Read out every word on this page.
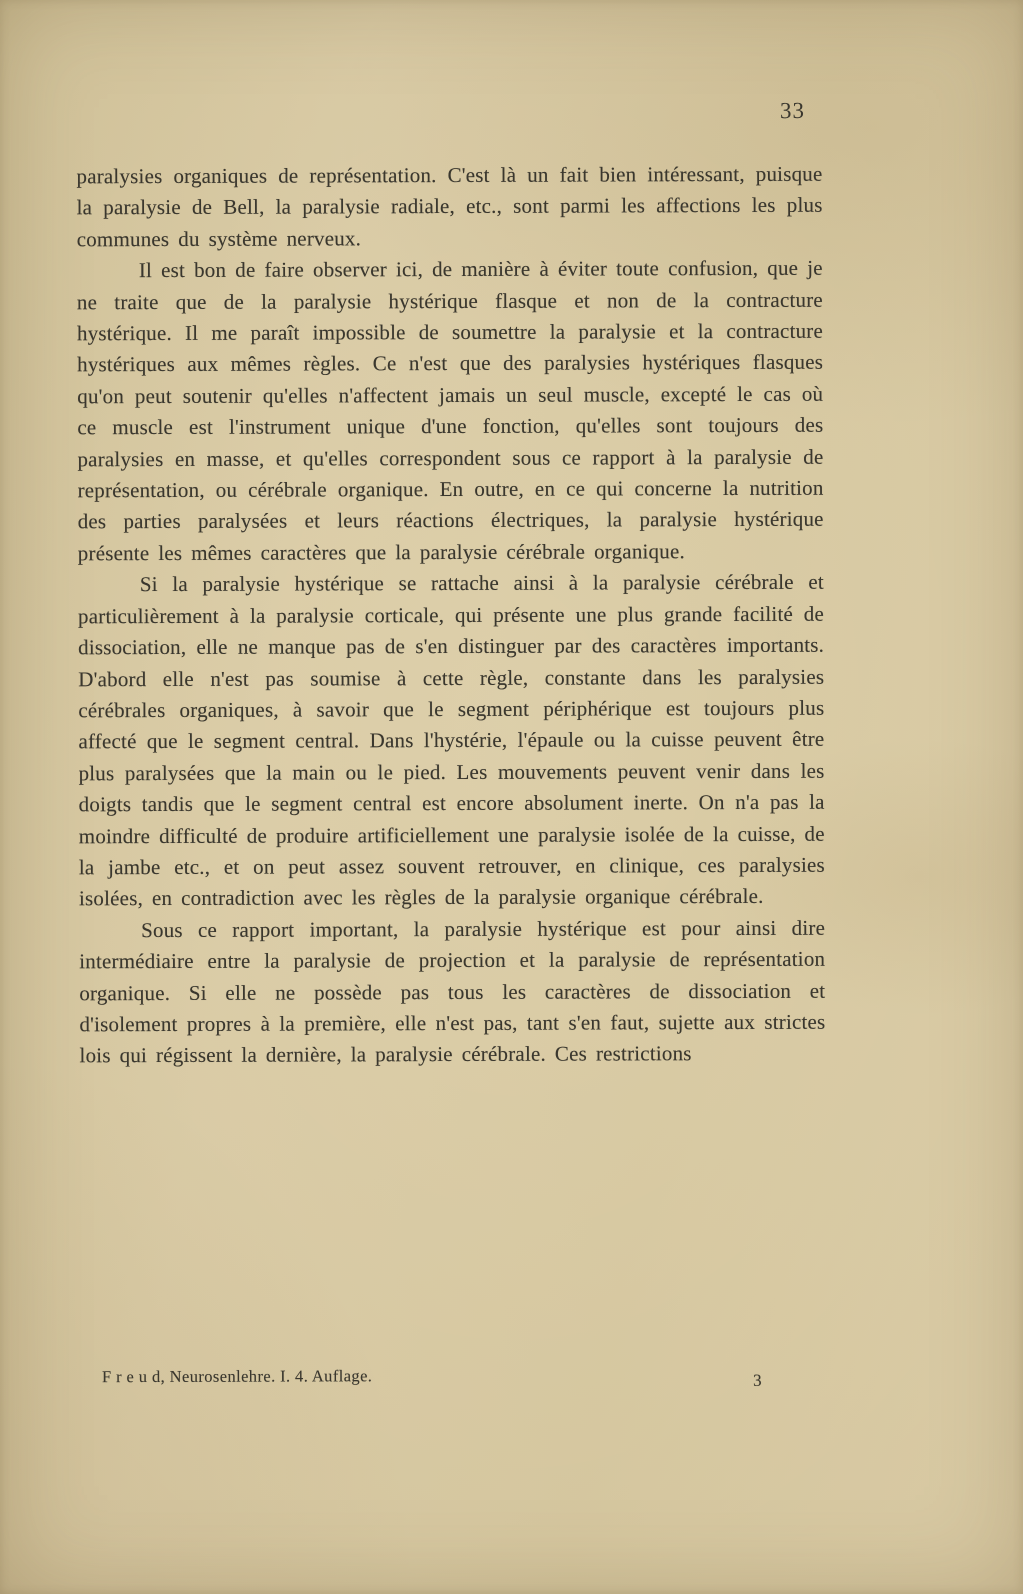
33

paralysies organiques de représentation. C'est là un fait bien intéressant, puisque la paralysie de Bell, la paralysie radiale, etc., sont parmi les affections les plus communes du système nerveux.

Il est bon de faire observer ici, de manière à éviter toute confusion, que je ne traite que de la paralysie hystérique flasque et non de la contracture hystérique. Il me paraît impossible de soumettre la paralysie et la contracture hystériques aux mêmes règles. Ce n'est que des paralysies hystériques flasques qu'on peut soutenir qu'elles n'affectent jamais un seul muscle, excepté le cas où ce muscle est l'instrument unique d'une fonction, qu'elles sont toujours des paralysies en masse, et qu'elles correspondent sous ce rapport à la paralysie de représentation, ou cérébrale organique. En outre, en ce qui concerne la nutrition des parties paralysées et leurs réactions électriques, la paralysie hystérique présente les mêmes caractères que la paralysie cérébrale organique.

Si la paralysie hystérique se rattache ainsi à la paralysie cérébrale et particulièrement à la paralysie corticale, qui présente une plus grande facilité de dissociation, elle ne manque pas de s'en distinguer par des caractères importants. D'abord elle n'est pas soumise à cette règle, constante dans les paralysies cérébrales organiques, à savoir que le segment périphérique est toujours plus affecté que le segment central. Dans l'hystérie, l'épaule ou la cuisse peuvent être plus paralysées que la main ou le pied. Les mouvements peuvent venir dans les doigts tandis que le segment central est encore absolument inerte. On n'a pas la moindre difficulté de produire artificiellement une paralysie isolée de la cuisse, de la jambe etc., et on peut assez souvent retrouver, en clinique, ces paralysies isolées, en contradiction avec les règles de la paralysie organique cérébrale.

Sous ce rapport important, la paralysie hystérique est pour ainsi dire intermédiaire entre la paralysie de projection et la paralysie de représentation organique. Si elle ne possède pas tous les caractères de dissociation et d'isolement propres à la première, elle n'est pas, tant s'en faut, sujette aux strictes lois qui régissent la dernière, la paralysie cérébrale. Ces restrictions

F r e u d, Neurosenlehre. I. 4. Auflage.	3
